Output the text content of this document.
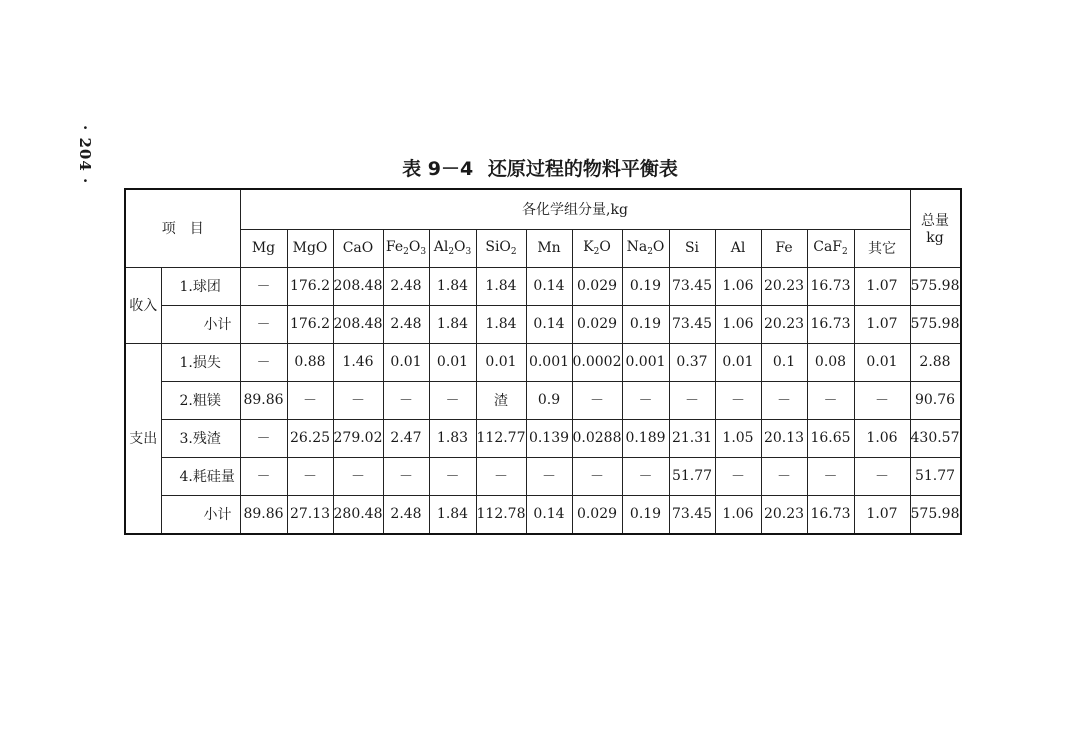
· 204 ·	表 9－4 还原过程的物料平衡表
项　目		各化学组分量,kg														总量
kg

		Mg	MgO	CaO	$Fe_2O_3$	$Al_2O_3$	SiO$_2$	Mn	$K_2O$	$Na_2O$	Si	Al	Fe	CaF$_2$	其它	
收入	1.球团	－	176.2	208.48	2.48	1.84	1.84	0.14	0.029	0.19	73.45	1.06	20.23	16.73	1.07	575.98
	小计	－	176.2	208.48	2.48	1.84	1.84	0.14	0.029	0.19	73.45	1.06	20.23	16.73	1.07	575.98
支出	1.损失	－	0.88	1.46	0.01	0.01	0.01	0.001	0.0002	0.001	0.37	0.01	0.1	0.08	0.01	2.88
	2.粗镁	89.86	－	－	－	－	渣	0.9	－	－	－	－	－	－	－	90.76
	3.残渣	－	26.25	279.02	2.47	1.83	112.77	0.139	0.0288	0.189	21.31	1.05	20.13	16.65	1.06	430.57
	4.耗硅量	－	－	－	－	－	－	－	－	－	51.77	－	－	－	－	51.77
	小计	89.86	27.13	280.48	2.48	1.84	112.78	0.14	0.029	0.19	73.45	1.06	20.23	16.73	1.07	575.98
